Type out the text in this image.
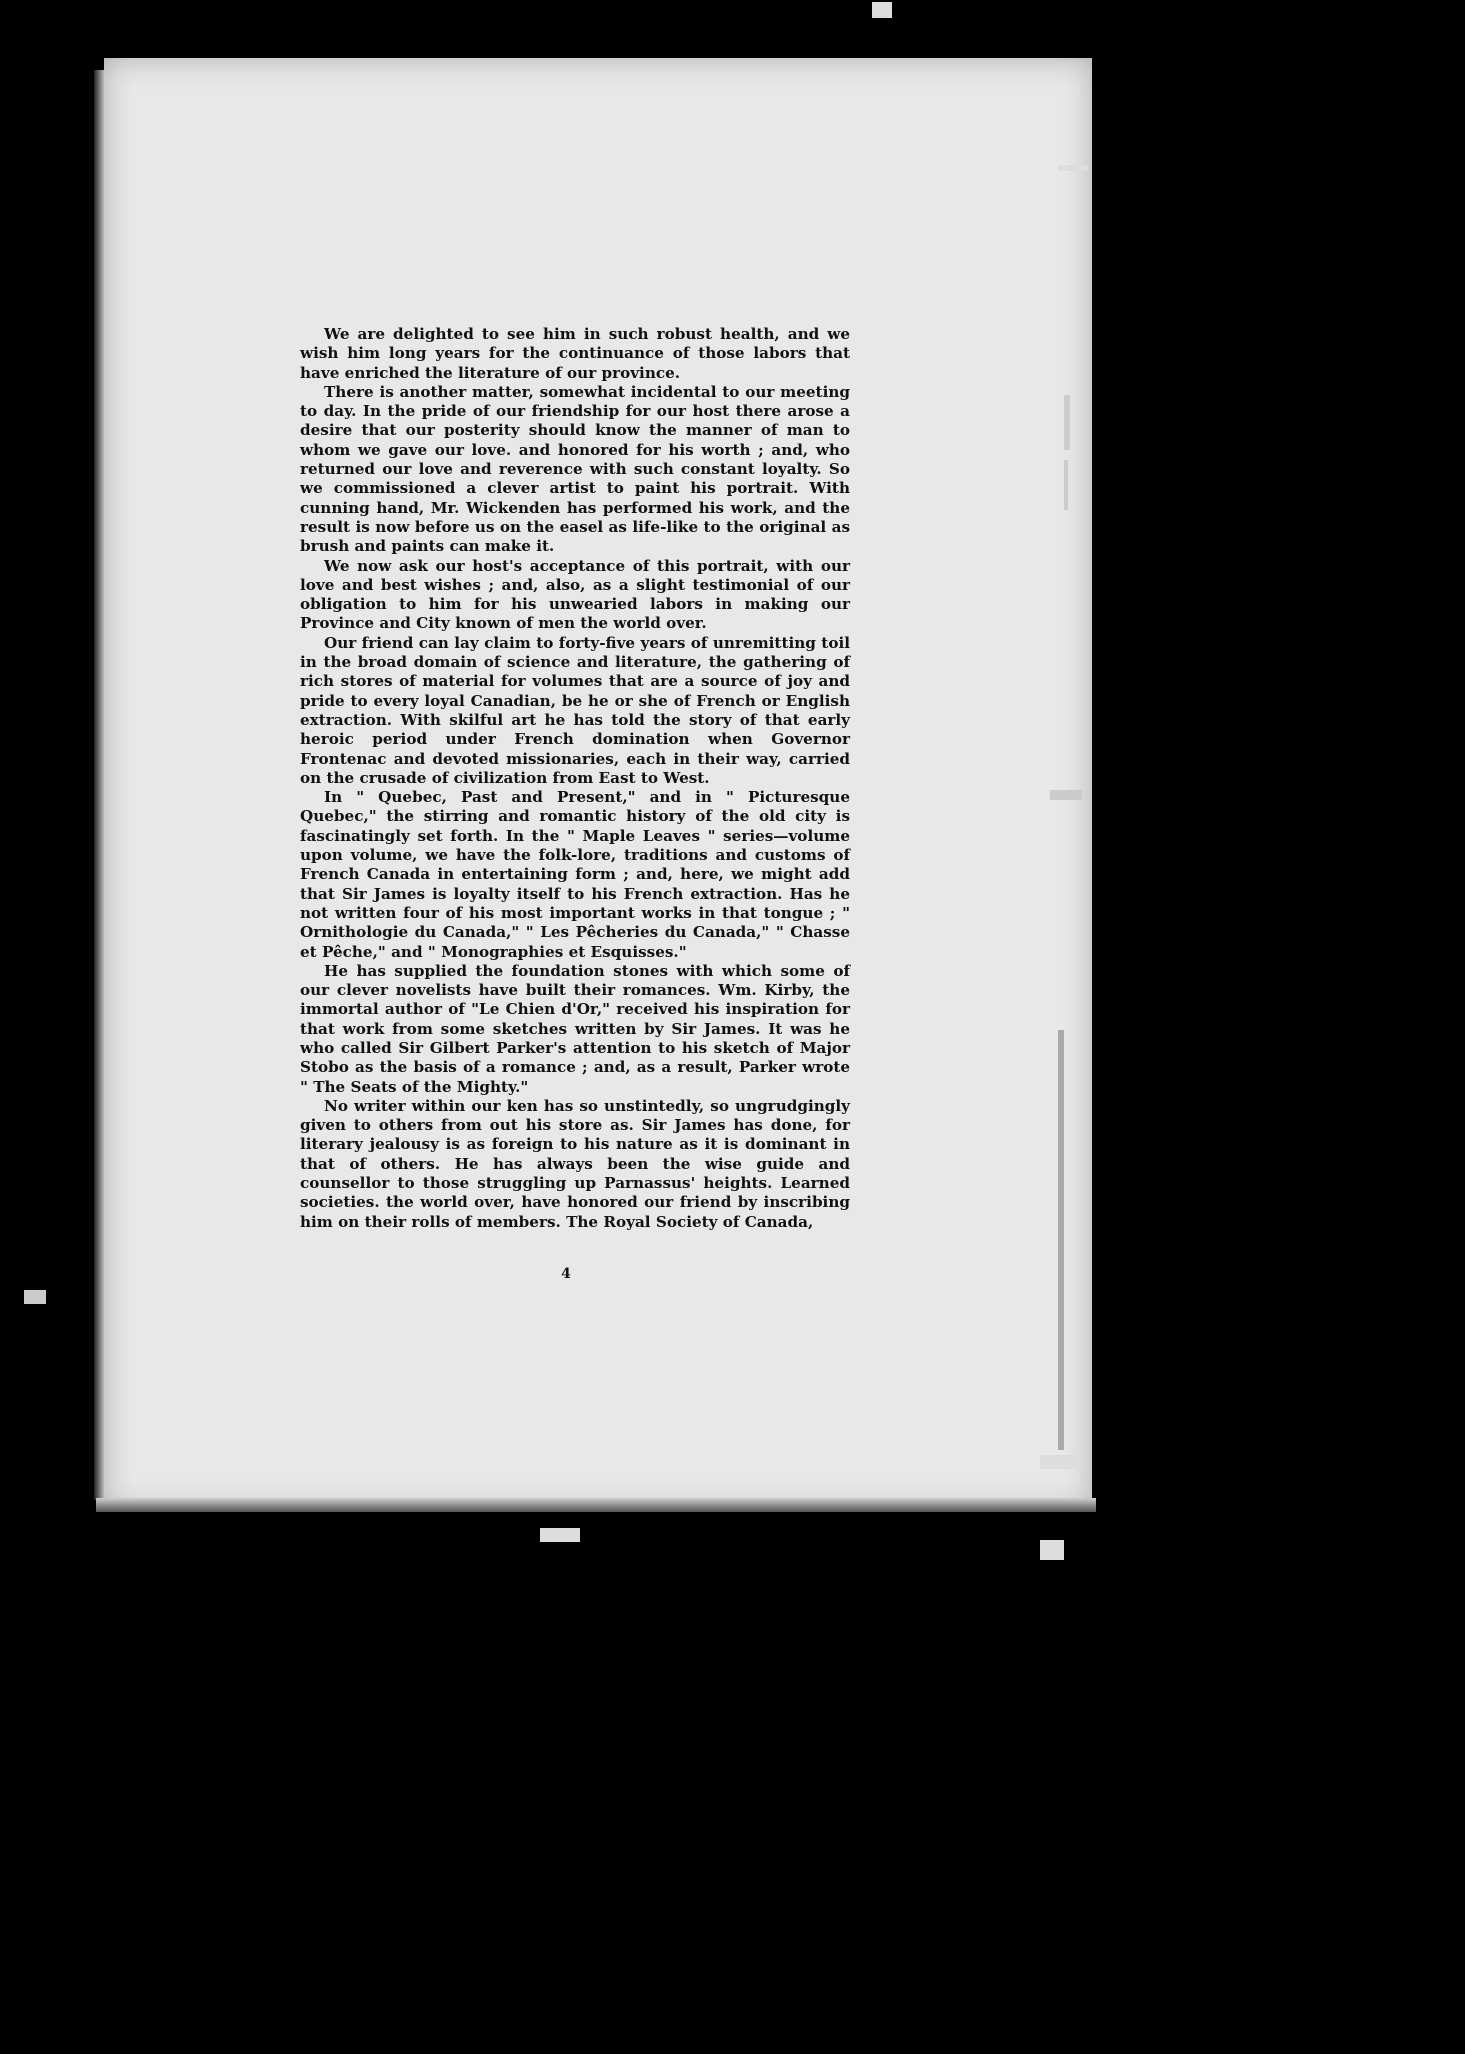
We are delighted to see him in such robust health, and we wish him long years for the continuance of those labors that have enriched the literature of our province.

There is another matter, somewhat incidental to our meeting to day. In the pride of our friendship for our host there arose a desire that our posterity should know the manner of man to whom we gave our love. and honored for his worth ; and, who returned our love and reverence with such constant loyalty. So we commissioned a clever artist to paint his portrait. With cunning hand, Mr. Wickenden has performed his work, and the result is now before us on the easel as life-like to the original as brush and paints can make it.

We now ask our host's acceptance of this portrait, with our love and best wishes ; and, also, as a slight testimonial of our obligation to him for his unwearied labors in making our Province and City known of men the world over.

Our friend can lay claim to forty-five years of unremitting toil in the broad domain of science and literature, the gathering of rich stores of material for volumes that are a source of joy and pride to every loyal Canadian, be he or she of French or English extraction. With skilful art he has told the story of that early heroic period under French domination when Governor Frontenac and devoted missionaries, each in their way, carried on the crusade of civilization from East to West.

In " Quebec, Past and Present," and in " Picturesque Quebec," the stirring and romantic history of the old city is fascinatingly set forth. In the " Maple Leaves " series—volume upon volume, we have the folk-lore, traditions and customs of French Canada in entertaining form ; and, here, we might add that Sir James is loyalty itself to his French extraction. Has he not written four of his most important works in that tongue ; " Ornithologie du Canada," " Les Pêcheries du Canada," " Chasse et Pêche," and " Monographies et Esquisses."

He has supplied the foundation stones with which some of our clever novelists have built their romances. Wm. Kirby, the immortal author of "Le Chien d'Or," received his inspiration for that work from some sketches written by Sir James. It was he who called Sir Gilbert Parker's attention to his sketch of Major Stobo as the basis of a romance ; and, as a result, Parker wrote " The Seats of the Mighty."

No writer within our ken has so unstintedly, so ungrudgingly given to others from out his store as. Sir James has done, for literary jealousy is as foreign to his nature as it is dominant in that of others. He has always been the wise guide and counsellor to those struggling up Parnassus' heights. Learned societies. the world over, have honored our friend by inscribing him on their rolls of members. The Royal Society of Canada,

4
